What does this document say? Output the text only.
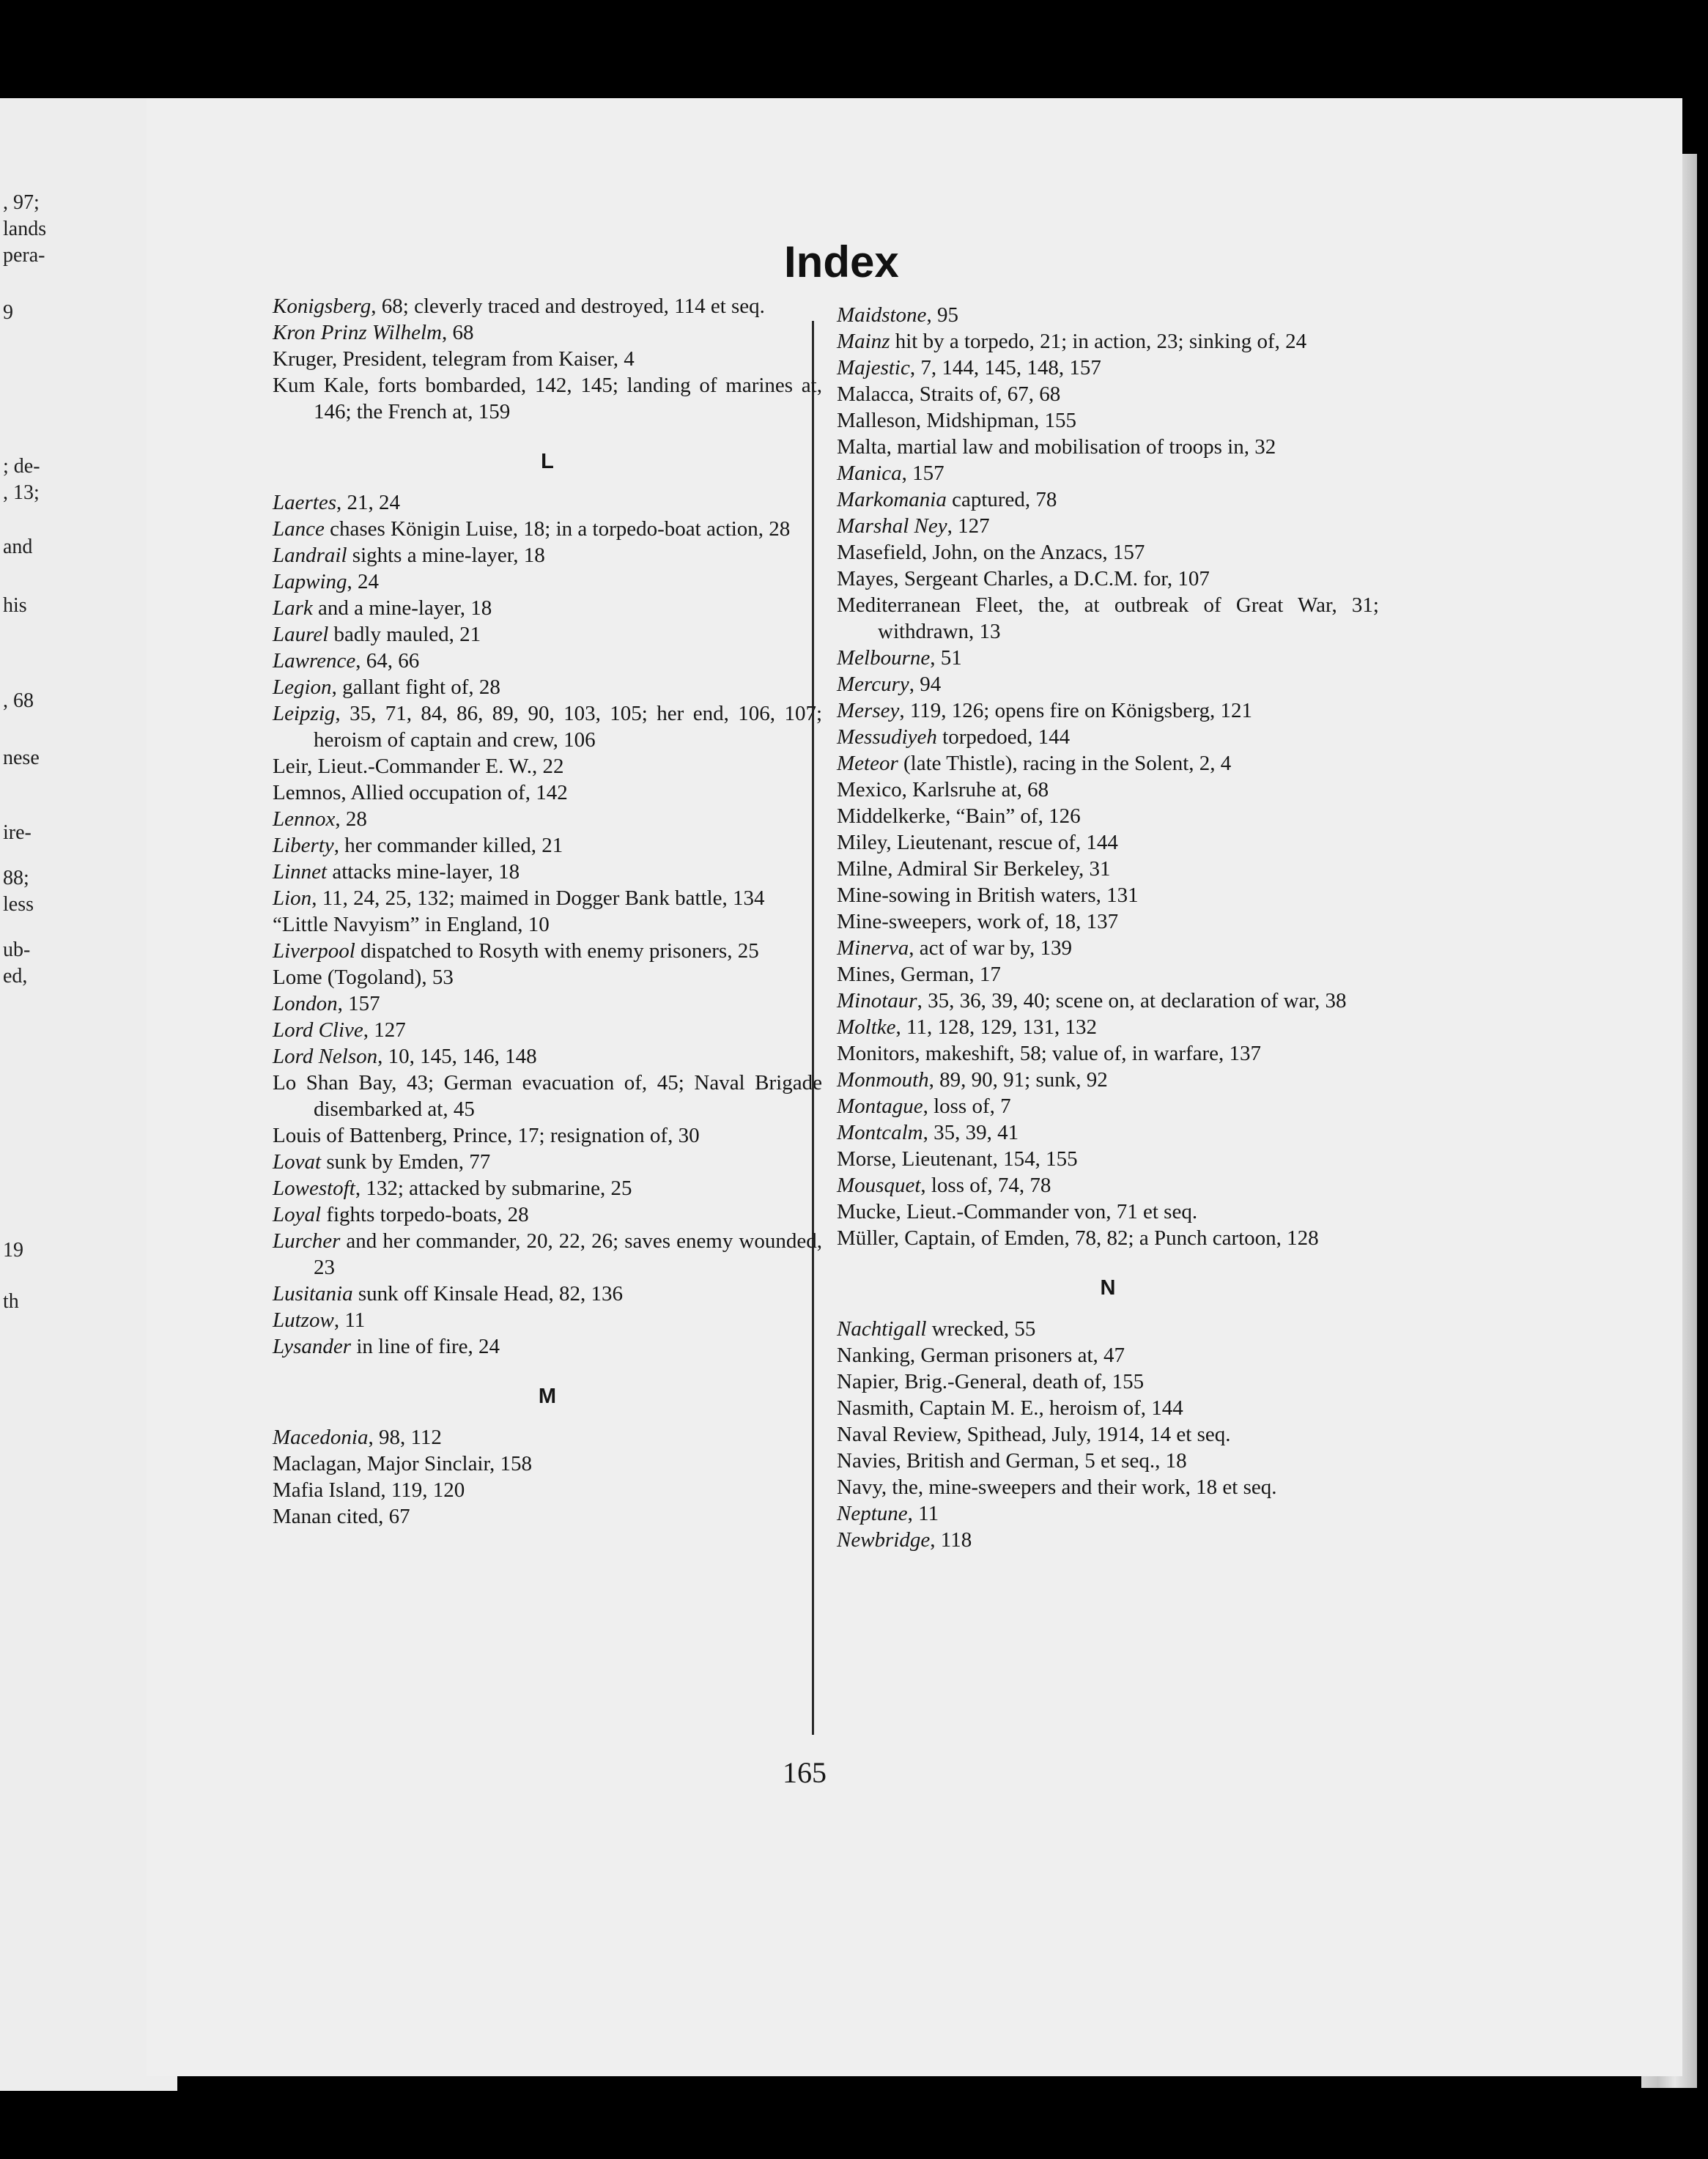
, 97;
lands
pera-
9
; de-
, 13;
and
his
, 68
nese
ire-
88;
less
ub-
ed,
19
th
Index

Konigsberg, 68; cleverly traced and destroyed, 114 et seq.

Kron Prinz Wilhelm, 68

Kruger, President, telegram from Kaiser, 4

Kum Kale, forts bombarded, 142, 145; landing of marines at, 146; the French at, 159

L

Laertes, 21, 24

Lance chases Königin Luise, 18; in a torpedo-boat action, 28

Landrail sights a mine-layer, 18

Lapwing, 24

Lark and a mine-layer, 18

Laurel badly mauled, 21

Lawrence, 64, 66

Legion, gallant fight of, 28

Leipzig, 35, 71, 84, 86, 89, 90, 103, 105; her end, 106, 107; heroism of captain and crew, 106

Leir, Lieut.-Commander E. W., 22

Lemnos, Allied occupation of, 142

Lennox, 28

Liberty, her commander killed, 21

Linnet attacks mine-layer, 18

Lion, 11, 24, 25, 132; maimed in Dogger Bank battle, 134

“Little Navyism” in England, 10

Liverpool dispatched to Rosyth with enemy prisoners, 25

Lome (Togoland), 53

London, 157

Lord Clive, 127

Lord Nelson, 10, 145, 146, 148

Lo Shan Bay, 43; German evacuation of, 45; Naval Brigade disembarked at, 45

Louis of Battenberg, Prince, 17; resignation of, 30

Lovat sunk by Emden, 77

Lowestoft, 132; attacked by submarine, 25

Loyal fights torpedo-boats, 28

Lurcher and her commander, 20, 22, 26; saves enemy wounded, 23

Lusitania sunk off Kinsale Head, 82, 136

Lutzow, 11

Lysander in line of fire, 24

M

Macedonia, 98, 112

Maclagan, Major Sinclair, 158

Mafia Island, 119, 120

Manan cited, 67

Maidstone, 95

Mainz hit by a torpedo, 21; in action, 23; sinking of, 24

Majestic, 7, 144, 145, 148, 157

Malacca, Straits of, 67, 68

Malleson, Midshipman, 155

Malta, martial law and mobilisation of troops in, 32

Manica, 157

Markomania captured, 78

Marshal Ney, 127

Masefield, John, on the Anzacs, 157

Mayes, Sergeant Charles, a D.C.M. for, 107

Mediterranean Fleet, the, at outbreak of Great War, 31; withdrawn, 13

Melbourne, 51

Mercury, 94

Mersey, 119, 126; opens fire on Königsberg, 121

Messudiyeh torpedoed, 144

Meteor (late Thistle), racing in the Solent, 2, 4

Mexico, Karlsruhe at, 68

Middelkerke, “Bain” of, 126

Miley, Lieutenant, rescue of, 144

Milne, Admiral Sir Berkeley, 31

Mine-sowing in British waters, 131

Mine-sweepers, work of, 18, 137

Minerva, act of war by, 139

Mines, German, 17

Minotaur, 35, 36, 39, 40; scene on, at declaration of war, 38

Moltke, 11, 128, 129, 131, 132

Monitors, makeshift, 58; value of, in warfare, 137

Monmouth, 89, 90, 91; sunk, 92

Montague, loss of, 7

Montcalm, 35, 39, 41

Morse, Lieutenant, 154, 155

Mousquet, loss of, 74, 78

Mucke, Lieut.-Commander von, 71 et seq.

Müller, Captain, of Emden, 78, 82; a Punch cartoon, 128

N

Nachtigall wrecked, 55

Nanking, German prisoners at, 47

Napier, Brig.-General, death of, 155

Nasmith, Captain M. E., heroism of, 144

Naval Review, Spithead, July, 1914, 14 et seq.

Navies, British and German, 5 et seq., 18

Navy, the, mine-sweepers and their work, 18 et seq.

Neptune, 11

Newbridge, 118

165
